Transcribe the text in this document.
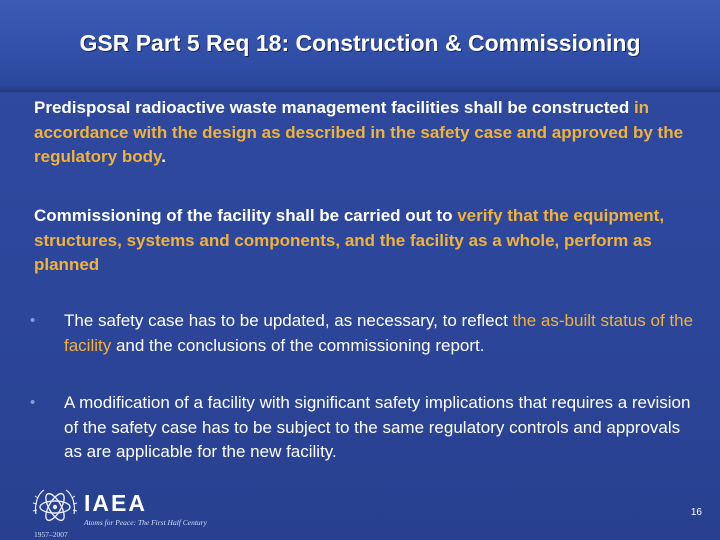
GSR Part 5 Req 18: Construction & Commissioning
Predisposal radioactive waste management facilities shall be constructed in accordance with the design as described in the safety case and approved by the regulatory body.
Commissioning of the facility shall be carried out to verify that the equipment, structures, systems and components, and the facility as a whole, perform as planned
• The safety case has to be updated, as necessary, to reflect the as-built status of the facility and the conclusions of the commissioning report.
• A modification of a facility with significant safety implications that requires a revision of the safety case has to be subject to the same regulatory controls and approvals as are applicable for the new facility.
IAEA
Atoms for Peace: The First Half Century
1957–2007
16
